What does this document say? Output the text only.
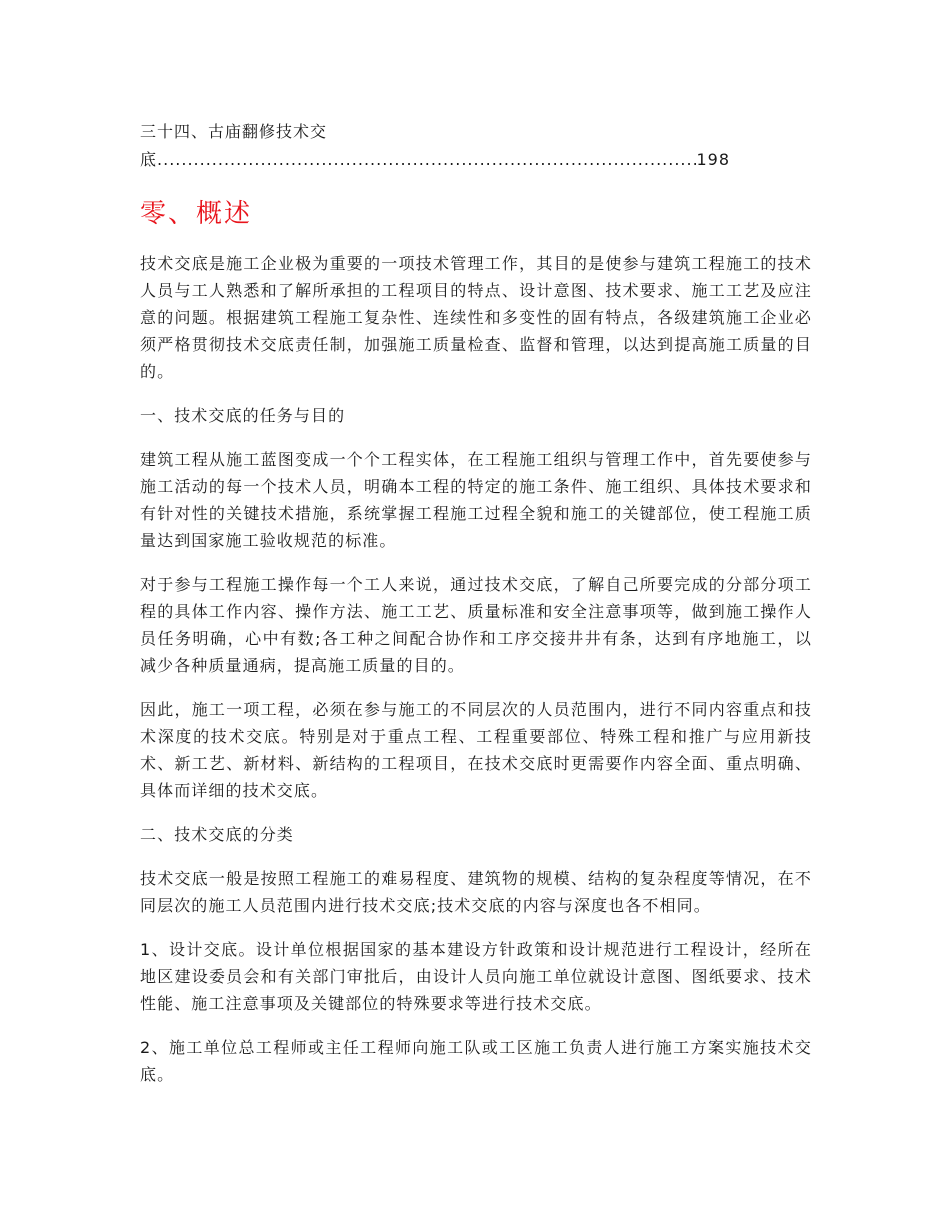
三十四、古庙翻修技术交

底
.....	198
零、概述

技术交底是施工企业极为重要的一项技术管理工作，其目的是使参与建筑工程施工的技术人员与工人熟悉和了解所承担的工程项目的特点、设计意图、技术要求、施工工艺及应注意的问题。根据建筑工程施工复杂性、连续性和多变性的固有特点，各级建筑施工企业必须严格贯彻技术交底责任制，加强施工质量检查、监督和管理，以达到提高施工质量的目的。

一、技术交底的任务与目的

建筑工程从施工蓝图变成一个个工程实体，在工程施工组织与管理工作中，首先要使参与施工活动的每一个技术人员，明确本工程的特定的施工条件、施工组织、具体技术要求和有针对性的关键技术措施，系统掌握工程施工过程全貌和施工的关键部位，使工程施工质量达到国家施工验收规范的标准。

对于参与工程施工操作每一个工人来说，通过技术交底，了解自己所要完成的分部分项工程的具体工作内容、操作方法、施工工艺、质量标准和安全注意事项等，做到施工操作人员任务明确，心中有数;各工种之间配合协作和工序交接井井有条，达到有序地施工，以减少各种质量通病，提高施工质量的目的。

因此，施工一项工程，必须在参与施工的不同层次的人员范围内，进行不同内容重点和技术深度的技术交底。特别是对于重点工程、工程重要部位、特殊工程和推广与应用新技术、新工艺、新材料、新结构的工程项目，在技术交底时更需要作内容全面、重点明确、具体而详细的技术交底。

二、技术交底的分类

技术交底一般是按照工程施工的难易程度、建筑物的规模、结构的复杂程度等情况，在不同层次的施工人员范围内进行技术交底;技术交底的内容与深度也各不相同。

1、设计交底。设计单位根据国家的基本建设方针政策和设计规范进行工程设计，经所在地区建设委员会和有关部门审批后，由设计人员向施工单位就设计意图、图纸要求、技术性能、施工注意事项及关键部位的特殊要求等进行技术交底。

2、施工单位总工程师或主任工程师向施工队或工区施工负责人进行施工方案实施技术交底。
